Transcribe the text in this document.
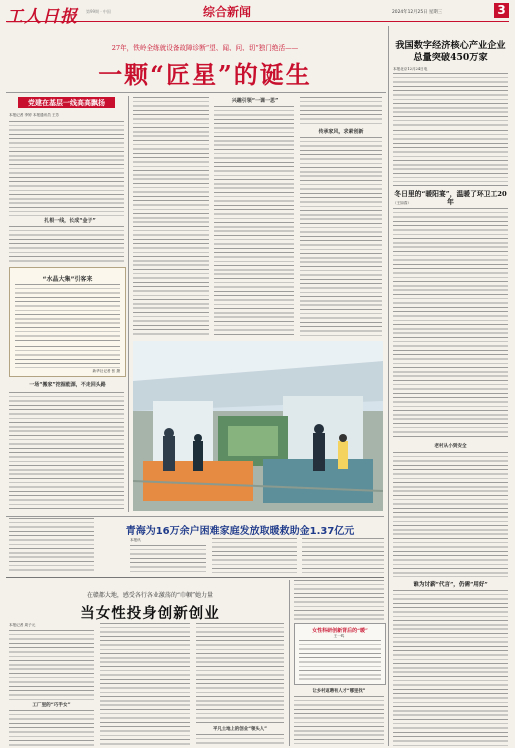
工人日报 第99期 · 中国	综合新闻	2024年12月25日 星期三	3
27年，铁岭全练就设备故障诊断“望、闻、问、切”独门绝活——
一颗“匠星”的诞生
党建在基层一线高高飘扬
本报记者 李婷 本报通讯员 王芳
扎根一线，长成“金子”
“水晶大集”引客来
新华社记者 张 摄
一场“搬家”挖掘能源，不走回头路
兴趣引领“一课一思”
传承家风，求索创新
我国数字经济核心产业企业总量突破450万家
本报北京12月24日电
冬日里的“暖阳宴”，温暖了环卫工20年
（王如春）
老村从小到安全
青海为16万余户困难家庭发放取暖救助金1.37亿元
本报讯
在赣都大地，感受各行各业激荡的“巾帼”她力量
当女性投身创新创业
本报记者 周子元
工厂里的“巧手女”
平凡土地上的创业“领头人”
女性科研创新背后的“暖”
王一鸣
让乡村返聘有人才“哪里找”
谁为讨薪“代言”，仍需“用好”
